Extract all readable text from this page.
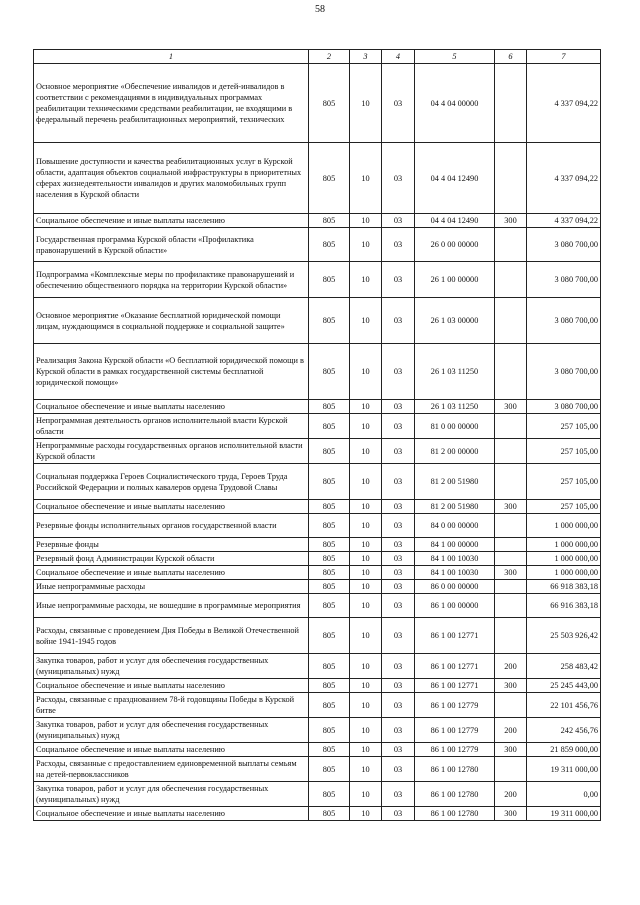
58
1	2	3	4	5	6	7
Основное мероприятие «Обеспечение инвалидов и детей-инвалидов в соответствии с рекомендациями в индивидуальных программах реабилитации техническими средствами реабилитации, не входящими в федеральный перечень реабилитационных мероприятий, технических	805	10	03	04 4 04 00000		4 337 094,22
Повышение доступности и качества реабилитационных услуг в Курской области, адаптация объектов социальной инфраструктуры в приоритетных сферах жизнедеятельности инвалидов и других маломобильных групп населения в Курской области	805	10	03	04 4 04 12490		4 337 094,22
Социальное обеспечение и иные выплаты населению	805	10	03	04 4 04 12490	300	4 337 094,22
Государственная программа Курской области «Профилактика правонарушений в Курской области»	805	10	03	26 0 00 00000		3 080 700,00
Подпрограмма «Комплексные меры по профилактике правонарушений и обеспечению общественного порядка на территории Курской области»	805	10	03	26 1 00 00000		3 080 700,00
Основное мероприятие «Оказание бесплатной юридической помощи лицам, нуждающимся в социальной поддержке и социальной защите»	805	10	03	26 1 03 00000		3 080 700,00
Реализация Закона Курской области «О бесплатной юридической помощи в Курской области в рамках государственной системы бесплатной юридической помощи»	805	10	03	26 1 03 11250		3 080 700,00
Социальное обеспечение и иные выплаты населению	805	10	03	26 1 03 11250	300	3 080 700,00
Непрограммная деятельность органов исполнительной власти Курской области	805	10	03	81 0 00 00000		257 105,00
Непрограммные расходы государственных органов исполнительной власти Курской области	805	10	03	81 2 00 00000		257 105,00
Социальная поддержка Героев Социалистического труда, Героев Труда Российской Федерации и полных кавалеров ордена Трудовой Славы	805	10	03	81 2 00 51980		257 105,00
Социальное обеспечение и иные выплаты населению	805	10	03	81 2 00 51980	300	257 105,00
Резервные фонды исполнительных органов государственной власти	805	10	03	84 0 00 00000		1 000 000,00
Резервные фонды	805	10	03	84 1 00 00000		1 000 000,00
Резервный фонд Администрации Курской области	805	10	03	84 1 00 10030		1 000 000,00
Социальное обеспечение и иные выплаты населению	805	10	03	84 1 00 10030	300	1 000 000,00
Иные непрограммные расходы	805	10	03	86 0 00 00000		66 918 383,18
Иные непрограммные расходы, не вошедшие в программные мероприятия	805	10	03	86 1 00 00000		66 916 383,18
Расходы, связанные с проведением Дня Победы в Великой Отечественной войне 1941-1945 годов	805	10	03	86 1 00 12771		25 503 926,42
Закупка товаров, работ и услуг для обеспечения государственных (муниципальных) нужд	805	10	03	86 1 00 12771	200	258 483,42
Социальное обеспечение и иные выплаты населению	805	10	03	86 1 00 12771	300	25 245 443,00
Расходы, связанные с празднованием 78-й годовщины Победы в Курской битве	805	10	03	86 1 00 12779		22 101 456,76
Закупка товаров, работ и услуг для обеспечения государственных (муниципальных) нужд	805	10	03	86 1 00 12779	200	242 456,76
Социальное обеспечение и иные выплаты населению	805	10	03	86 1 00 12779	300	21 859 000,00
Расходы, связанные с предоставлением единовременной выплаты семьям на детей-первоклассников	805	10	03	86 1 00 12780		19 311 000,00
Закупка товаров, работ и услуг для обеспечения государственных (муниципальных) нужд	805	10	03	86 1 00 12780	200	0,00
Социальное обеспечение и иные выплаты населению	805	10	03	86 1 00 12780	300	19 311 000,00
